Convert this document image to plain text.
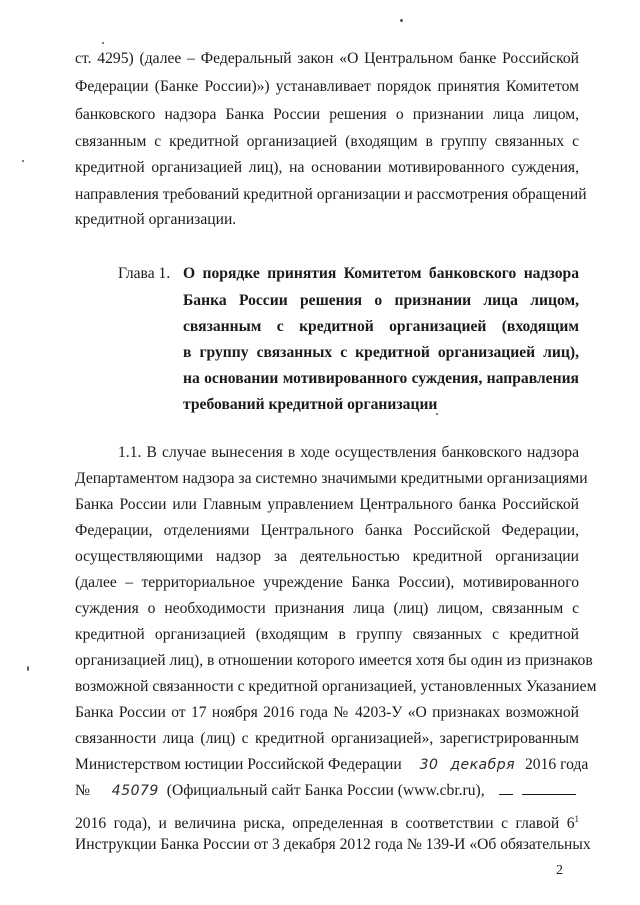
ст. 4295) (далее – Федеральный закон «О Центральном банке Российской
Федерации (Банке России)») устанавливает порядок принятия Комитетом
банковского надзора Банка России решения о признании лица лицом,
связанным с кредитной организацией (входящим в группу связанных с
кредитной организацией лиц), на основании мотивированного суждения,
направления требований кредитной организации и рассмотрения обращений
кредитной организации.
Глава 1. О порядке принятия Комитетом банковского надзора
Банка России решения о признании лица лицом,
связанным с кредитной организацией (входящим
в группу связанных с кредитной организацией лиц),
на основании мотивированного суждения, направления
требований кредитной организации
1.1. В случае вынесения в ходе осуществления банковского надзора
Департаментом надзора за системно значимыми кредитными организациями
Банка России или Главным управлением Центрального банка Российской
Федерации, отделениями Центрального банка Российской Федерации,
осуществляющими надзор за деятельностью кредитной организации
(далее – территориальное учреждение Банка России), мотивированного
суждения о необходимости признания лица (лиц) лицом, связанным с
кредитной организацией (входящим в группу связанных с кредитной
организацией лиц), в отношении которого имеется хотя бы один из признаков
возможной связанности с кредитной организацией, установленных Указанием
Банка России от 17 ноября 2016 года № 4203-У «О признаках возможной
связанности лица (лиц) с кредитной организацией», зарегистрированным
Министерством юстиции Российской Федерации 30 декабря 2016 года
№ 45079 (Официальный сайт Банка России (www.cbr.ru),
2016 года), и величина риска, определенная в соответствии с главой $6^1$
Инструкции Банка России от 3 декабря 2012 года № 139-И «Об обязательных
2
